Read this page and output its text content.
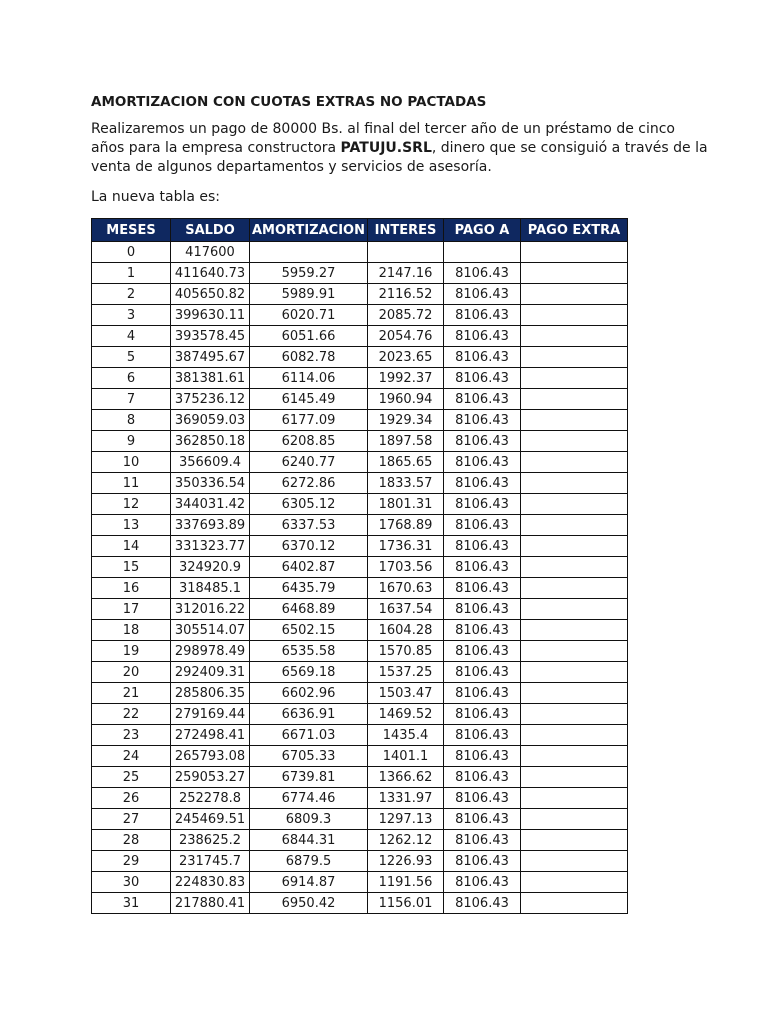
AMORTIZACION CON CUOTAS EXTRAS NO PACTADAS
Realizaremos un pago de 80000 Bs. al final del tercer año de un préstamo de cinco
años para la empresa constructora PATUJU.SRL, dinero que se consiguió a través de la
venta de algunos departamentos y servicios de asesoría.
La nueva tabla es:
MESES	SALDO	AMORTIZACION	INTERES	PAGO A	PAGO EXTRA
0	417600				
1	411640.73	5959.27	2147.16	8106.43	
2	405650.82	5989.91	2116.52	8106.43	
3	399630.11	6020.71	2085.72	8106.43	
4	393578.45	6051.66	2054.76	8106.43	
5	387495.67	6082.78	2023.65	8106.43	
6	381381.61	6114.06	1992.37	8106.43	
7	375236.12	6145.49	1960.94	8106.43	
8	369059.03	6177.09	1929.34	8106.43	
9	362850.18	6208.85	1897.58	8106.43	
10	356609.4	6240.77	1865.65	8106.43	
11	350336.54	6272.86	1833.57	8106.43	
12	344031.42	6305.12	1801.31	8106.43	
13	337693.89	6337.53	1768.89	8106.43	
14	331323.77	6370.12	1736.31	8106.43	
15	324920.9	6402.87	1703.56	8106.43	
16	318485.1	6435.79	1670.63	8106.43	
17	312016.22	6468.89	1637.54	8106.43	
18	305514.07	6502.15	1604.28	8106.43	
19	298978.49	6535.58	1570.85	8106.43	
20	292409.31	6569.18	1537.25	8106.43	
21	285806.35	6602.96	1503.47	8106.43	
22	279169.44	6636.91	1469.52	8106.43	
23	272498.41	6671.03	1435.4	8106.43	
24	265793.08	6705.33	1401.1	8106.43	
25	259053.27	6739.81	1366.62	8106.43	
26	252278.8	6774.46	1331.97	8106.43	
27	245469.51	6809.3	1297.13	8106.43	
28	238625.2	6844.31	1262.12	8106.43	
29	231745.7	6879.5	1226.93	8106.43	
30	224830.83	6914.87	1191.56	8106.43	
31	217880.41	6950.42	1156.01	8106.43	
